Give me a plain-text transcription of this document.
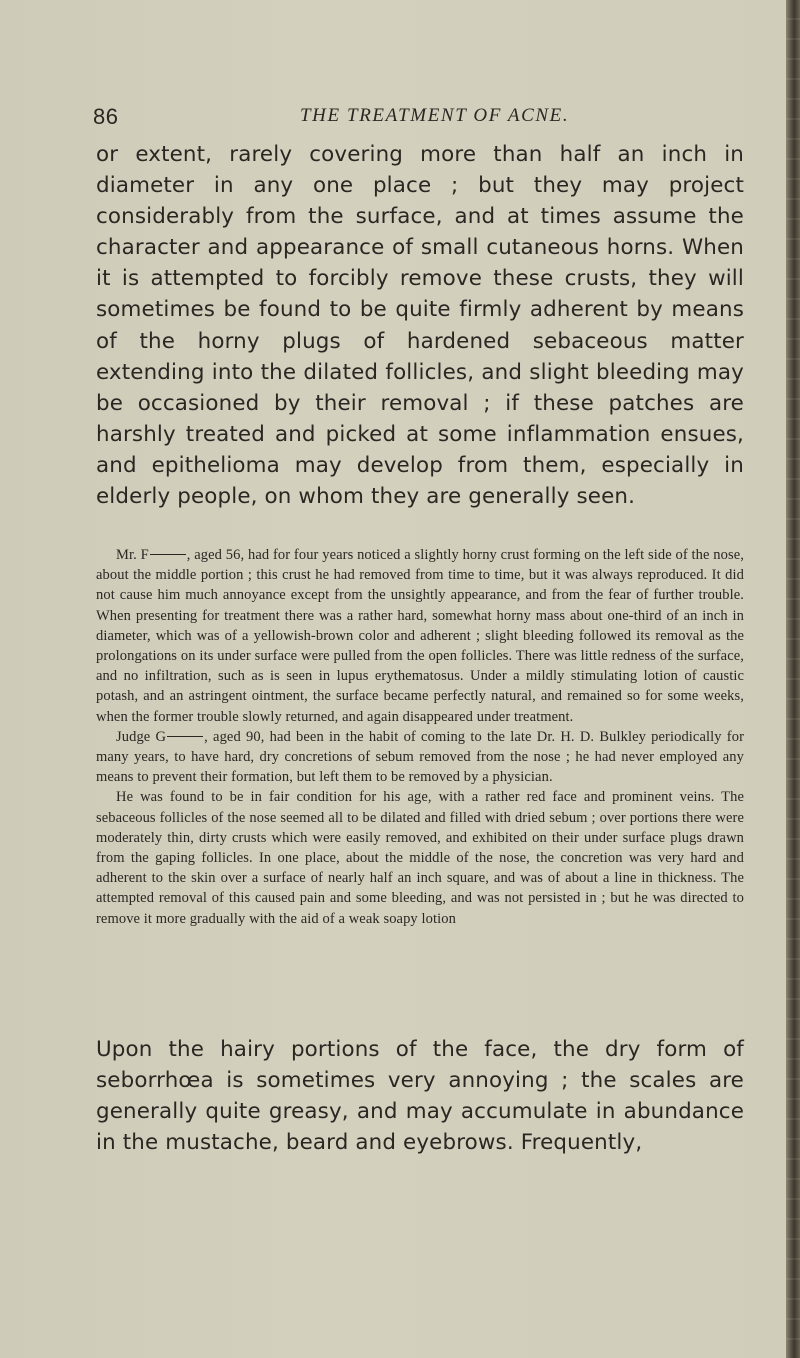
86	THE TREATMENT OF ACNE.

or extent, rarely covering more than half an inch in diameter in any one place ; but they may project considerably from the surface, and at times assume the character and appearance of small cutaneous horns. When it is attempted to forcibly remove these crusts, they will sometimes be found to be quite firmly adherent by means of the horny plugs of hardened sebaceous matter extending into the dilated follicles, and slight bleeding may be occasioned by their removal ; if these patches are harshly treated and picked at some inflammation ensues, and epithelioma may develop from them, especially in elderly people, on whom they are generally seen.

Mr. F	, aged 56, had for four years noticed a slightly horny crust forming on the left side of the nose, about the middle portion ; this crust he had removed from time to time, but it was always reproduced. It did not cause him much annoyance except from the unsightly appearance, and from the fear of further trouble. When presenting for treatment there was a rather hard, somewhat horny mass about one-third of an inch in diameter, which was of a yellowish-brown color and adherent ; slight bleeding followed its removal as the prolongations on its under surface were pulled from the open follicles. There was little redness of the surface, and no infiltration, such as is seen in lupus erythematosus. Under a mildly stimulating lotion of caustic potash, and an astringent ointment, the surface became perfectly natural, and remained so for some weeks, when the former trouble slowly returned, and again disappeared under treatment.

Judge G	, aged 90, had been in the habit of coming to the late Dr. H. D. Bulkley periodically for many years, to have hard, dry concretions of sebum removed from the nose ; he had never employed any means to prevent their formation, but left them to be removed by a physician.

He was found to be in fair condition for his age, with a rather red face and prominent veins. The sebaceous follicles of the nose seemed all to be dilated and filled with dried sebum ; over portions there were moderately thin, dirty crusts which were easily removed, and exhibited on their under surface plugs drawn from the gaping follicles. In one place, about the middle of the nose, the concretion was very hard and adherent to the skin over a surface of nearly half an inch square, and was of about a line in thickness. The attempted removal of this caused pain and some bleeding, and was not persisted in ; but he was directed to remove it more gradually with the aid of a weak soapy lotion

Upon the hairy portions of the face, the dry form of seborrhœa is sometimes very annoying ; the scales are generally quite greasy, and may accumulate in abundance in the mustache, beard and eyebrows. Frequently,
